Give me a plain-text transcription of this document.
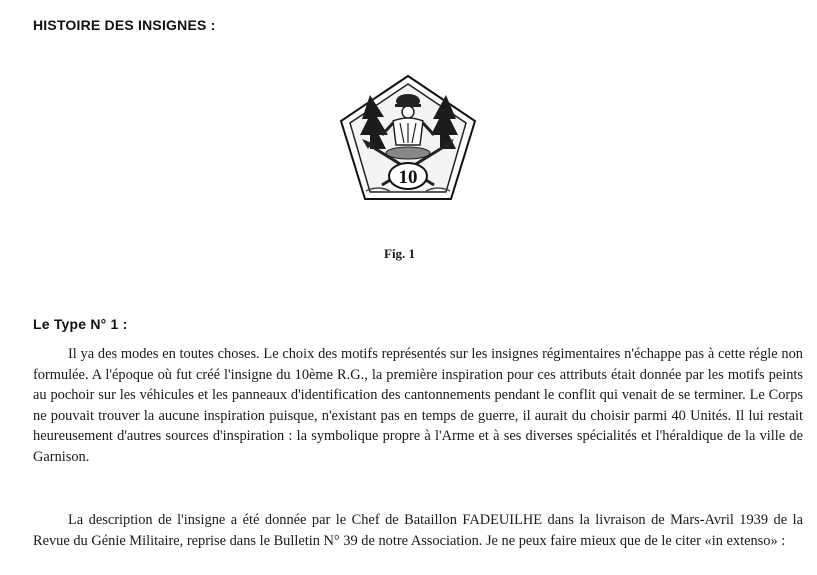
HISTOIRE DES INSIGNES :
10

Fig. 1

Le Type N° 1 :

Il ya des modes en toutes choses. Le choix des motifs représentés sur les insignes régimentaires n'échappe pas à cette régle non formulée. A l'époque où fut créé l'insigne du 10ème R.G., la première inspiration pour ces attributs était donnée par les motifs peints au pochoir sur les véhicules et les panneaux d'identification des cantonnements pendant le conflit qui venait de se terminer. Le Corps ne pouvait trouver la aucune inspiration puisque, n'existant pas en temps de guerre, il aurait du choisir parmi 40 Unités. Il lui restait heureusement d'autres sources d'inspiration : la symbolique propre à l'Arme et à ses diverses spécialités et l'héraldique de la ville de Garnison.

La description de l'insigne a été donnée par le Chef de Bataillon FADEUILHE dans la livraison de Mars-Avril 1939 de la Revue du Génie Militaire, reprise dans le Bulletin N° 39 de notre Association. Je ne peux faire mieux que de le citer «in extenso» :
